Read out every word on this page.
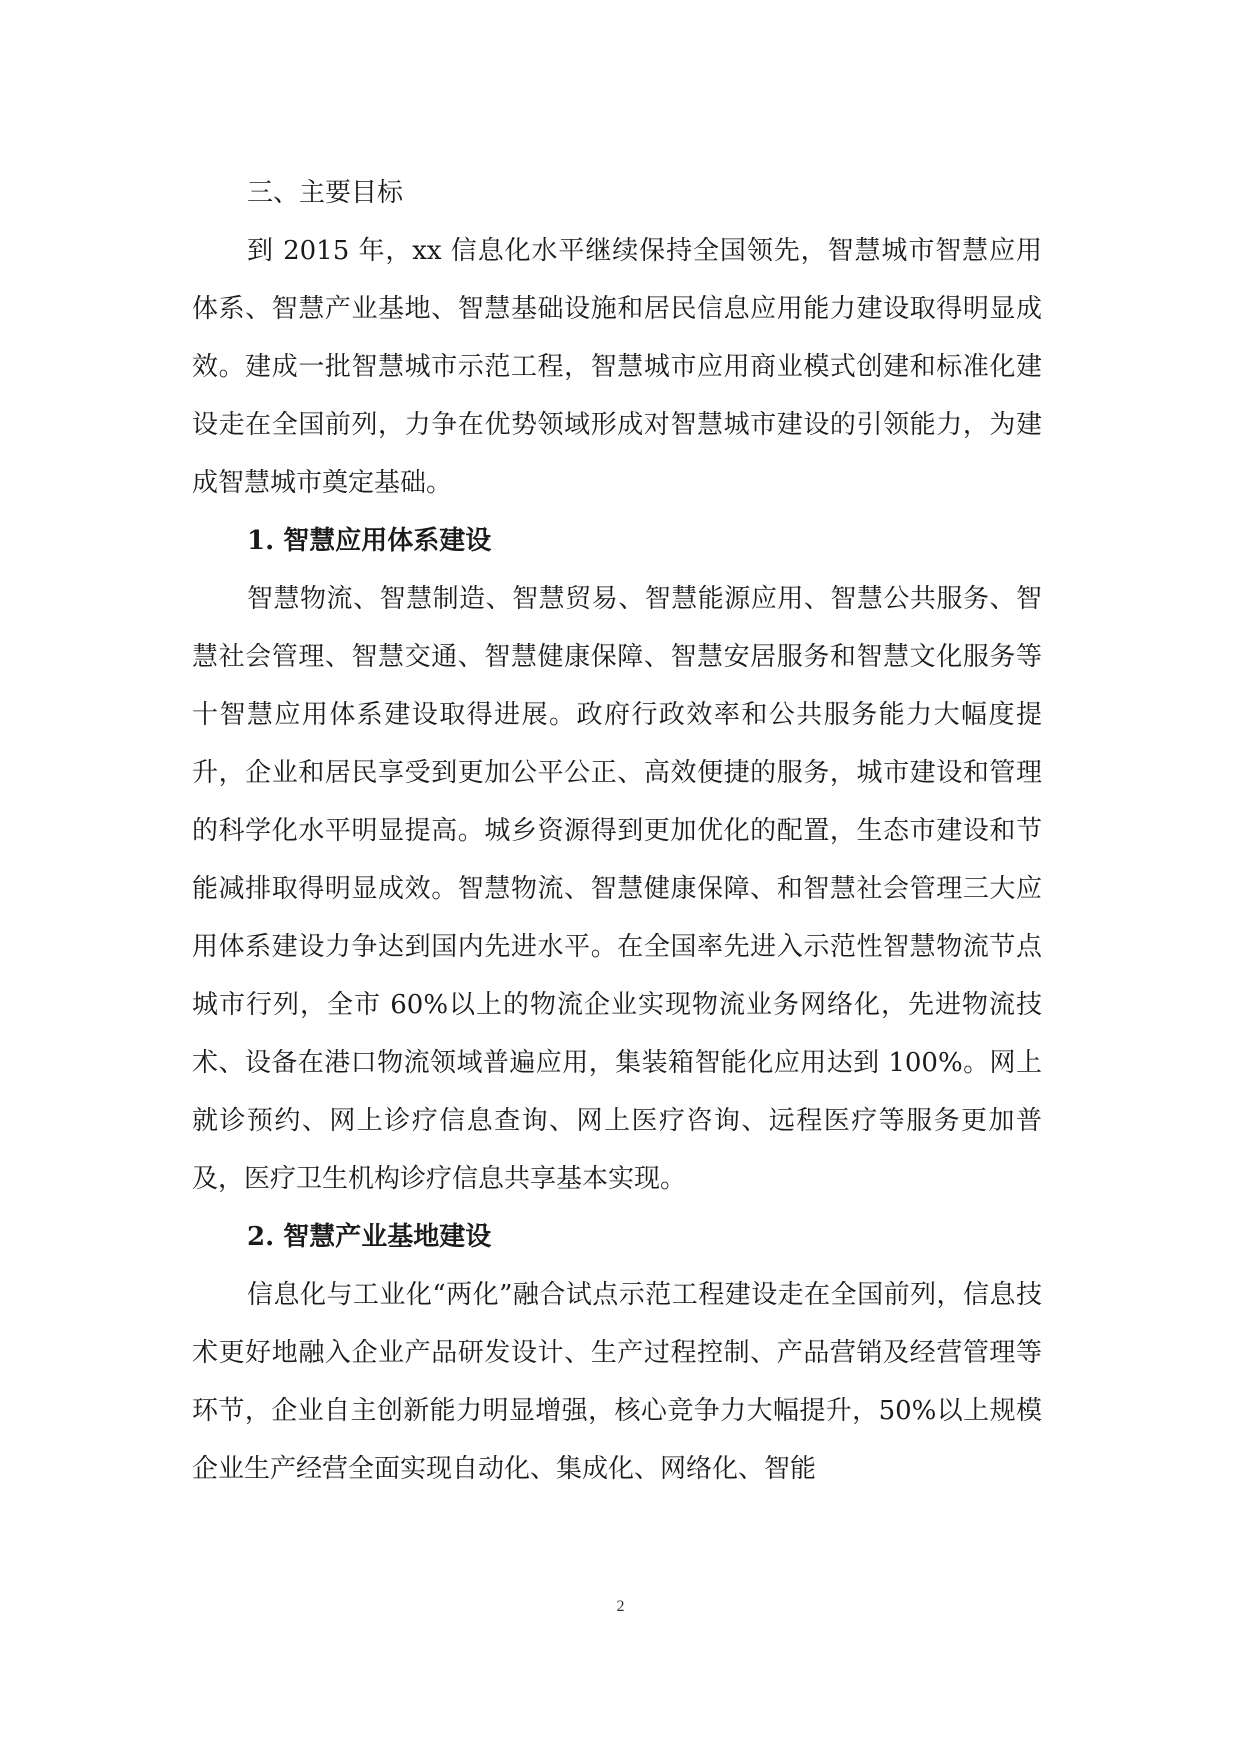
三、主要目标

到 2015 年，xx 信息化水平继续保持全国领先，智慧城市智慧应用体系、智慧产业基地、智慧基础设施和居民信息应用能力建设取得明显成效。建成一批智慧城市示范工程，智慧城市应用商业模式创建和标准化建设走在全国前列，力争在优势领域形成对智慧城市建设的引领能力，为建成智慧城市奠定基础。

1. 智慧应用体系建设

智慧物流、智慧制造、智慧贸易、智慧能源应用、智慧公共服务、智慧社会管理、智慧交通、智慧健康保障、智慧安居服务和智慧文化服务等十智慧应用体系建设取得进展。政府行政效率和公共服务能力大幅度提升，企业和居民享受到更加公平公正、高效便捷的服务，城市建设和管理的科学化水平明显提高。城乡资源得到更加优化的配置，生态市建设和节能减排取得明显成效。智慧物流、智慧健康保障、和智慧社会管理三大应用体系建设力争达到国内先进水平。在全国率先进入示范性智慧物流节点城市行列，全市 60%以上的物流企业实现物流业务网络化，先进物流技术、设备在港口物流领域普遍应用，集装箱智能化应用达到 100%。网上就诊预约、网上诊疗信息查询、网上医疗咨询、远程医疗等服务更加普及，医疗卫生机构诊疗信息共享基本实现。

2. 智慧产业基地建设

信息化与工业化“两化”融合试点示范工程建设走在全国前列，信息技术更好地融入企业产品研发设计、生产过程控制、产品营销及经营管理等环节，企业自主创新能力明显增强，核心竞争力大幅提升，50%以上规模企业生产经营全面实现自动化、集成化、网络化、智能

2
